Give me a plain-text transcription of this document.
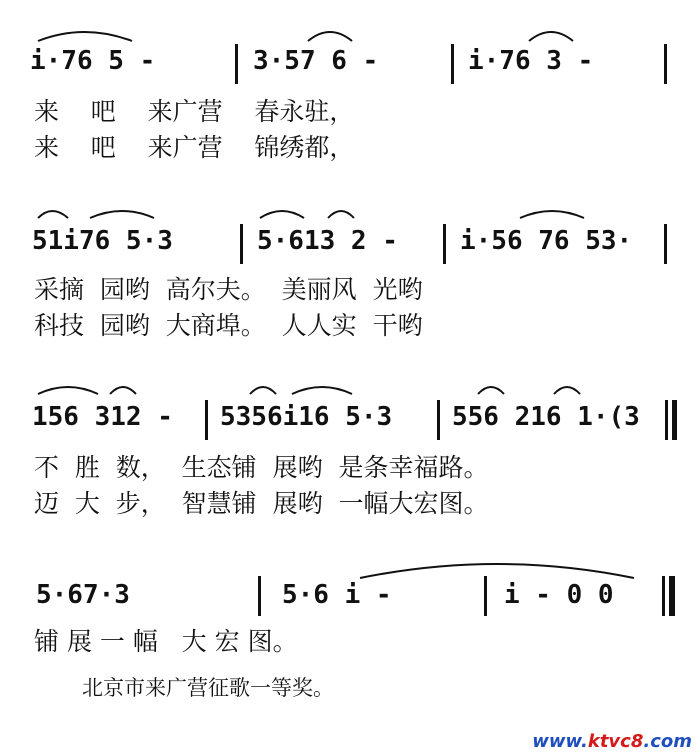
i·76 5 -	3·57 6 -	i·76 3 -
来    吧    来广营    春永驻，
来    吧    来广营    锦绣都，
51i76 5·3	5·613 2 - i·56 76 53·
采摘  园哟  高尔夫。  美丽风  光哟
科技  园哟  大商埠。  人人实  干哟
156 312 - 5356i16 5·3 556 216 1·(3
不  胜  数，  生态铺  展哟  是条幸福路。
迈  大  步，  智慧铺  展哟  一幅大宏图。
5·67·3	5·6 i -	i - 0 0
铺 展 一 幅   大 宏 图。
北京市来广营征歌一等奖。
www.ktvc8.com
